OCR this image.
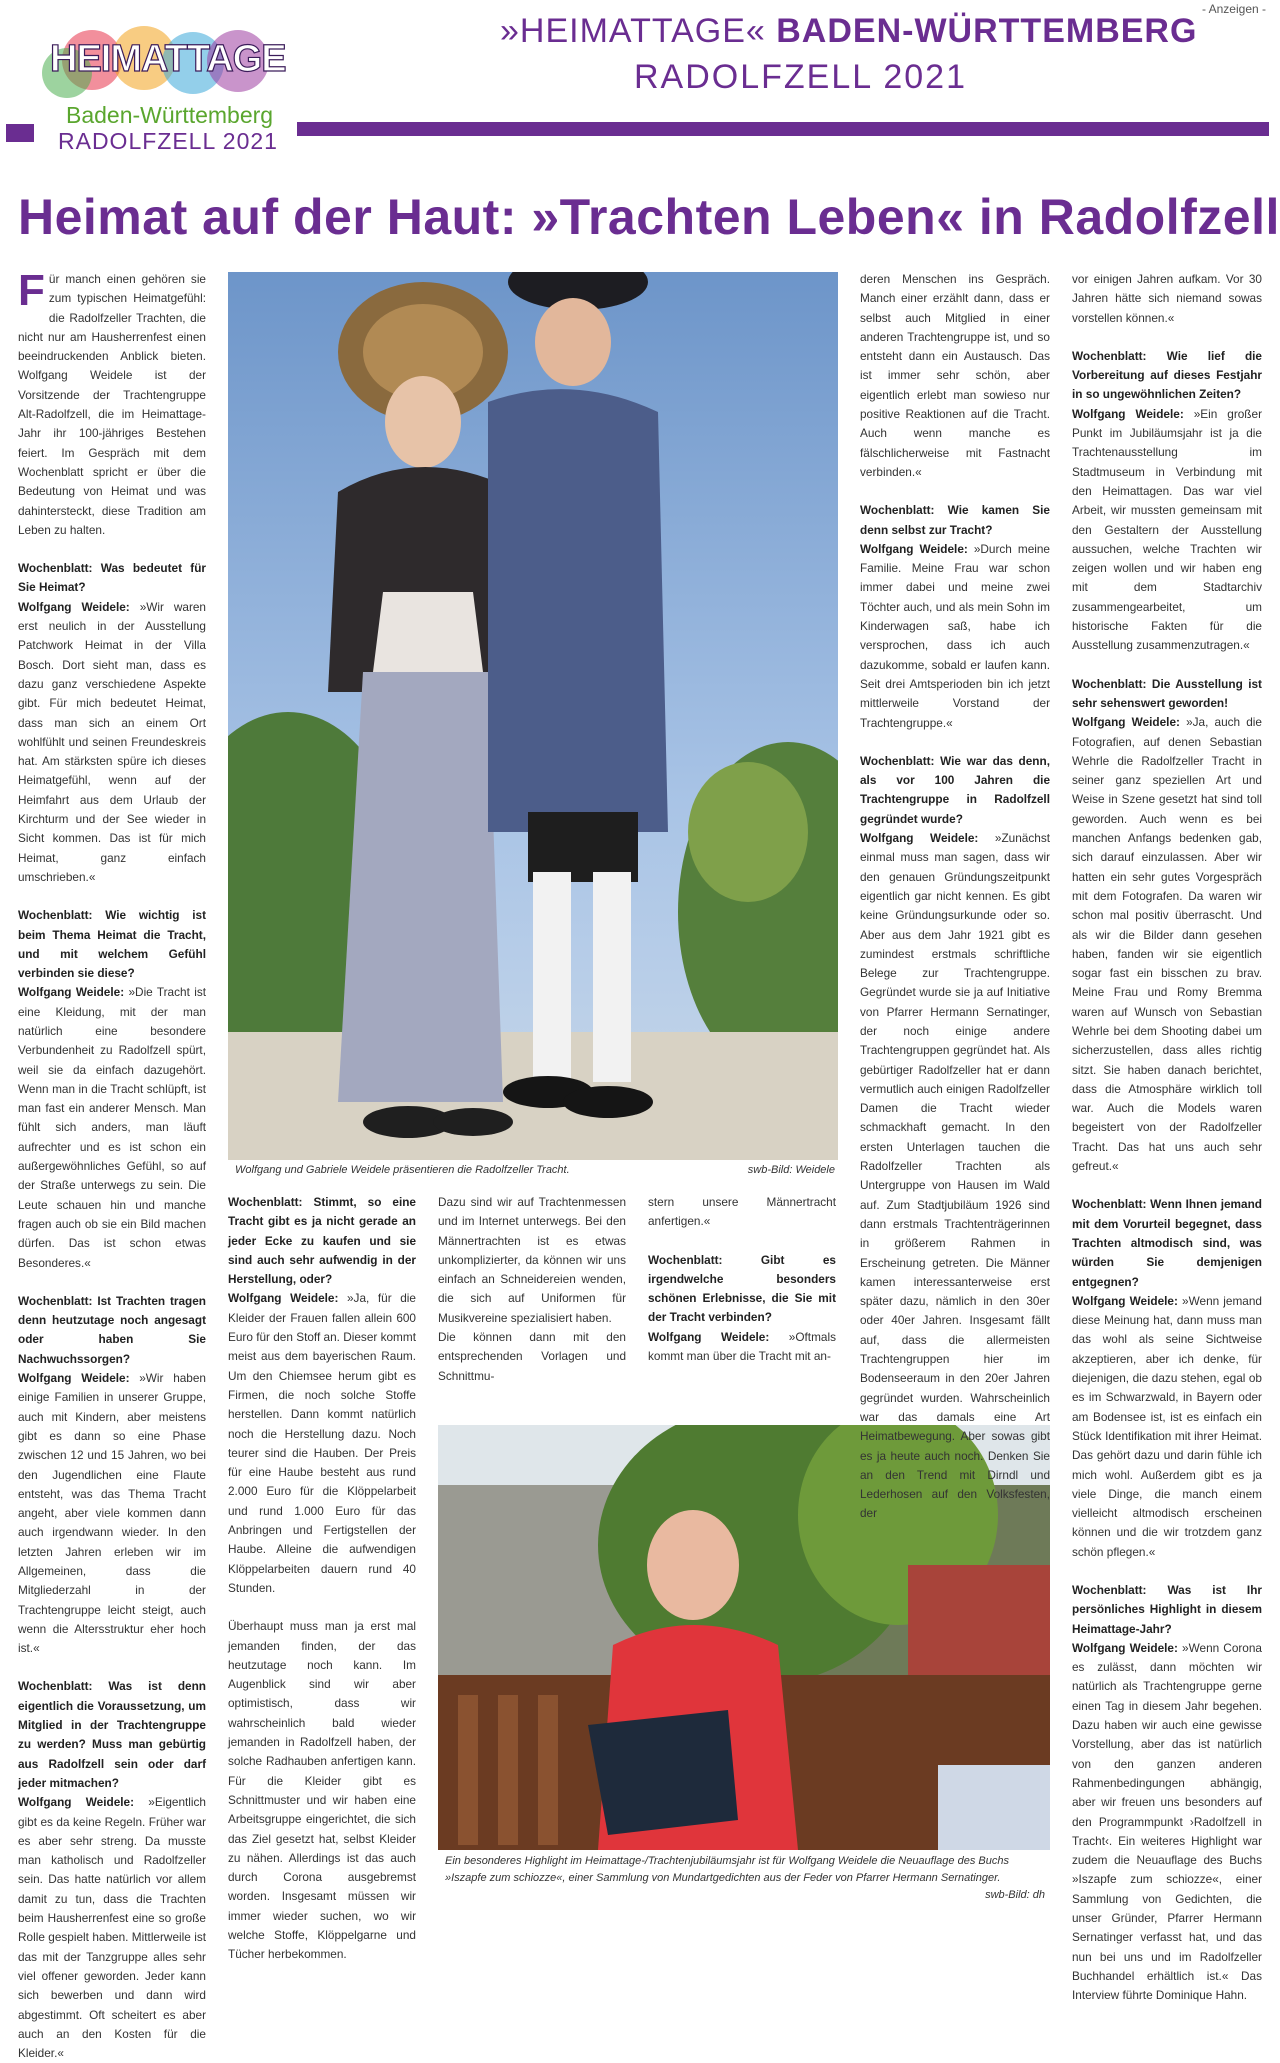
- Anzeigen -
HEIMATTAGE
Baden-Württemberg
RADOLFZELL 2021
»HEIMATTAGE« BADEN-WÜRTTEMBERG
RADOLFZELL 2021
Heimat auf der Haut: »Trachten Leben« in Radolfzell

Für manch einen gehören sie zum typischen Heimatgefühl: die Radolfzeller Trachten, die nicht nur am Hausherrenfest einen beeindruckenden Anblick bieten. Wolfgang Weidele ist der Vorsitzende der Trachtengruppe Alt-Radolfzell, die im Heimattage-Jahr ihr 100-jähriges Bestehen feiert. Im Gespräch mit dem Wochenblatt spricht er über die Bedeutung von Heimat und was dahintersteckt, diese Tradition am Leben zu halten.

Wochenblatt: Was bedeutet für Sie Heimat?
Wolfgang Weidele: »Wir waren erst neulich in der Ausstellung Patchwork Heimat in der Villa Bosch. Dort sieht man, dass es dazu ganz verschiedene Aspekte gibt. Für mich bedeutet Heimat, dass man sich an einem Ort wohlfühlt und seinen Freundeskreis hat. Am stärksten spüre ich dieses Heimatgefühl, wenn auf der Heimfahrt aus dem Urlaub der Kirchturm und der See wieder in Sicht kommen. Das ist für mich Heimat, ganz einfach umschrieben.«

Wochenblatt: Wie wichtig ist beim Thema Heimat die Tracht, und mit welchem Gefühl verbinden sie diese?
Wolfgang Weidele: »Die Tracht ist eine Kleidung, mit der man natürlich eine besondere Verbundenheit zu Radolfzell spürt, weil sie da einfach dazugehört. Wenn man in die Tracht schlüpft, ist man fast ein anderer Mensch. Man fühlt sich anders, man läuft aufrechter und es ist schon ein außergewöhnliches Gefühl, so auf der Straße unterwegs zu sein. Die Leute schauen hin und manche fragen auch ob sie ein Bild machen dürfen. Das ist schon etwas Besonderes.«

Wochenblatt: Ist Trachten tragen denn heutzutage noch angesagt oder haben Sie Nachwuchssorgen?
Wolfgang Weidele: »Wir haben einige Familien in unserer Gruppe, auch mit Kindern, aber meistens gibt es dann so eine Phase zwischen 12 und 15 Jahren, wo bei den Jugendlichen eine Flaute entsteht, was das Thema Tracht angeht, aber viele kommen dann auch irgendwann wieder. In den letzten Jahren erleben wir im Allgemeinen, dass die Mitgliederzahl in der Trachtengruppe leicht steigt, auch wenn die Altersstruktur eher hoch ist.«

Wochenblatt: Was ist denn eigentlich die Voraussetzung, um Mitglied in der Trachtengruppe zu werden? Muss man gebürtig aus Radolfzell sein oder darf jeder mitmachen?
Wolfgang Weidele: »Eigentlich gibt es da keine Regeln. Früher war es aber sehr streng. Da musste man katholisch und Radolfzeller sein. Das hatte natürlich vor allem damit zu tun, dass die Trachten beim Hausherrenfest eine so große Rolle gespielt haben. Mittlerweile ist das mit der Tanzgruppe alles sehr viel offener geworden. Jeder kann sich bewerben und dann wird abgestimmt. Oft scheitert es aber auch an den Kosten für die Kleider.«

Wolfgang und Gabriele Weidele präsentieren die Radolfzeller Tracht.	swb-Bild: Weidele

Wochenblatt: Stimmt, so eine Tracht gibt es ja nicht gerade an jeder Ecke zu kaufen und sie sind auch sehr aufwendig in der Herstellung, oder?
Wolfgang Weidele: »Ja, für die Kleider der Frauen fallen allein 600 Euro für den Stoff an. Dieser kommt meist aus dem bayerischen Raum. Um den Chiemsee herum gibt es Firmen, die noch solche Stoffe herstellen. Dann kommt natürlich noch die Herstellung dazu. Noch teurer sind die Hauben. Der Preis für eine Haube besteht aus rund 2.000 Euro für die Klöppelarbeit und rund 1.000 Euro für das Anbringen und Fertigstellen der Haube. Alleine die aufwendigen Klöppelarbeiten dauern rund 40 Stunden.

Überhaupt muss man ja erst mal jemanden finden, der das heutzutage noch kann. Im Augenblick sind wir aber optimistisch, dass wir wahrscheinlich bald wieder jemanden in Radolfzell haben, der solche Radhauben anfertigen kann. Für die Kleider gibt es Schnittmuster und wir haben eine Arbeitsgruppe eingerichtet, die sich das Ziel gesetzt hat, selbst Kleider zu nähen. Allerdings ist das auch durch Corona ausgebremst worden. Insgesamt müssen wir immer wieder suchen, wo wir welche Stoffe, Klöppelgarne und Tücher herbekommen.

Dazu sind wir auf Trachtenmessen und im Internet unterwegs. Bei den Männertrachten ist es etwas unkomplizierter, da können wir uns einfach an Schneidereien wenden, die sich auf Uniformen für Musikvereine spezialisiert haben.

Die können dann mit den entsprechenden Vorlagen und Schnittmu-

stern unsere Männertracht anfertigen.«

Wochenblatt: Gibt es irgendwelche besonders schönen Erlebnisse, die Sie mit der Tracht verbinden?
Wolfgang Weidele: »Oftmals kommt man über die Tracht mit an-

Ein besonderes Highlight im Heimattage-/Trachtenjubiläumsjahr ist für Wolfgang Weidele die Neuauflage des Buchs »Iszapfe zum schiozze«, einer Sammlung von Mundartgedichten aus der Feder von Pfarrer Hermann Sernatinger.
swb-Bild: dh

deren Menschen ins Gespräch. Manch einer erzählt dann, dass er selbst auch Mitglied in einer anderen Trachtengruppe ist, und so entsteht dann ein Austausch. Das ist immer sehr schön, aber eigentlich erlebt man sowieso nur positive Reaktionen auf die Tracht. Auch wenn manche es fälschlicherweise mit Fastnacht verbinden.«

Wochenblatt: Wie kamen Sie denn selbst zur Tracht?
Wolfgang Weidele: »Durch meine Familie. Meine Frau war schon immer dabei und meine zwei Töchter auch, und als mein Sohn im Kinderwagen saß, habe ich versprochen, dass ich auch dazukomme, sobald er laufen kann. Seit drei Amtsperioden bin ich jetzt mittlerweile Vorstand der Trachtengruppe.«

Wochenblatt: Wie war das denn, als vor 100 Jahren die Trachtengruppe in Radolfzell gegründet wurde?
Wolfgang Weidele: »Zunächst einmal muss man sagen, dass wir den genauen Gründungszeitpunkt eigentlich gar nicht kennen. Es gibt keine Gründungsurkunde oder so. Aber aus dem Jahr 1921 gibt es zumindest erstmals schriftliche Belege zur Trachtengruppe. Gegründet wurde sie ja auf Initiative von Pfarrer Hermann Sernatinger, der noch einige andere Trachtengruppen gegründet hat. Als gebürtiger Radolfzeller hat er dann vermutlich auch einigen Radolfzeller Damen die Tracht wieder schmackhaft gemacht. In den ersten Unterlagen tauchen die Radolfzeller Trachten als Untergruppe von Hausen im Wald auf. Zum Stadtjubiläum 1926 sind dann erstmals Trachtenträgerinnen in größerem Rahmen in Erscheinung getreten. Die Männer kamen interessanterweise erst später dazu, nämlich in den 30er oder 40er Jahren. Insgesamt fällt auf, dass die allermeisten Trachtengruppen hier im Bodenseeraum in den 20er Jahren gegründet wurden. Wahrscheinlich war das damals eine Art Heimatbewegung. Aber sowas gibt es ja heute auch noch. Denken Sie an den Trend mit Dirndl und Lederhosen auf den Volksfesten, der

vor einigen Jahren aufkam. Vor 30 Jahren hätte sich niemand sowas vorstellen können.«

Wochenblatt: Wie lief die Vorbereitung auf dieses Festjahr in so ungewöhnlichen Zeiten?
Wolfgang Weidele: »Ein großer Punkt im Jubiläumsjahr ist ja die Trachtenausstellung im Stadtmuseum in Verbindung mit den Heimattagen. Das war viel Arbeit, wir mussten gemeinsam mit den Gestaltern der Ausstellung aussuchen, welche Trachten wir zeigen wollen und wir haben eng mit dem Stadtarchiv zusammengearbeitet, um historische Fakten für die Ausstellung zusammenzutragen.«

Wochenblatt: Die Ausstellung ist sehr sehenswert geworden!
Wolfgang Weidele: »Ja, auch die Fotografien, auf denen Sebastian Wehrle die Radolfzeller Tracht in seiner ganz speziellen Art und Weise in Szene gesetzt hat sind toll geworden. Auch wenn es bei manchen Anfangs bedenken gab, sich darauf einzulassen. Aber wir hatten ein sehr gutes Vorgespräch mit dem Fotografen. Da waren wir schon mal positiv überrascht. Und als wir die Bilder dann gesehen haben, fanden wir sie eigentlich sogar fast ein bisschen zu brav. Meine Frau und Romy Bremma waren auf Wunsch von Sebastian Wehrle bei dem Shooting dabei um sicherzustellen, dass alles richtig sitzt. Sie haben danach berichtet, dass die Atmosphäre wirklich toll war. Auch die Models waren begeistert von der Radolfzeller Tracht. Das hat uns auch sehr gefreut.«

Wochenblatt: Wenn Ihnen jemand mit dem Vorurteil begegnet, dass Trachten altmodisch sind, was würden Sie demjenigen entgegnen?
Wolfgang Weidele: »Wenn jemand diese Meinung hat, dann muss man das wohl als seine Sichtweise akzeptieren, aber ich denke, für diejenigen, die dazu stehen, egal ob es im Schwarzwald, in Bayern oder am Bodensee ist, ist es einfach ein Stück Identifikation mit ihrer Heimat. Das gehört dazu und darin fühle ich mich wohl. Außerdem gibt es ja viele Dinge, die manch einem vielleicht altmodisch erscheinen können und die wir trotzdem ganz schön pflegen.«

Wochenblatt: Was ist Ihr persönliches Highlight in diesem Heimattage-Jahr?
Wolfgang Weidele: »Wenn Corona es zulässt, dann möchten wir natürlich als Trachtengruppe gerne einen Tag in diesem Jahr begehen. Dazu haben wir auch eine gewisse Vorstellung, aber das ist natürlich von den ganzen anderen Rahmenbedingungen abhängig, aber wir freuen uns besonders auf den Programmpunkt ›Radolfzell in Tracht‹. Ein weiteres Highlight war zudem die Neuauflage des Buchs »Iszapfe zum schiozze«, einer Sammlung von Gedichten, die unser Gründer, Pfarrer Hermann Sernatinger verfasst hat, und das nun bei uns und im Radolfzeller Buchhandel erhältlich ist.« Das Interview führte Dominique Hahn.
